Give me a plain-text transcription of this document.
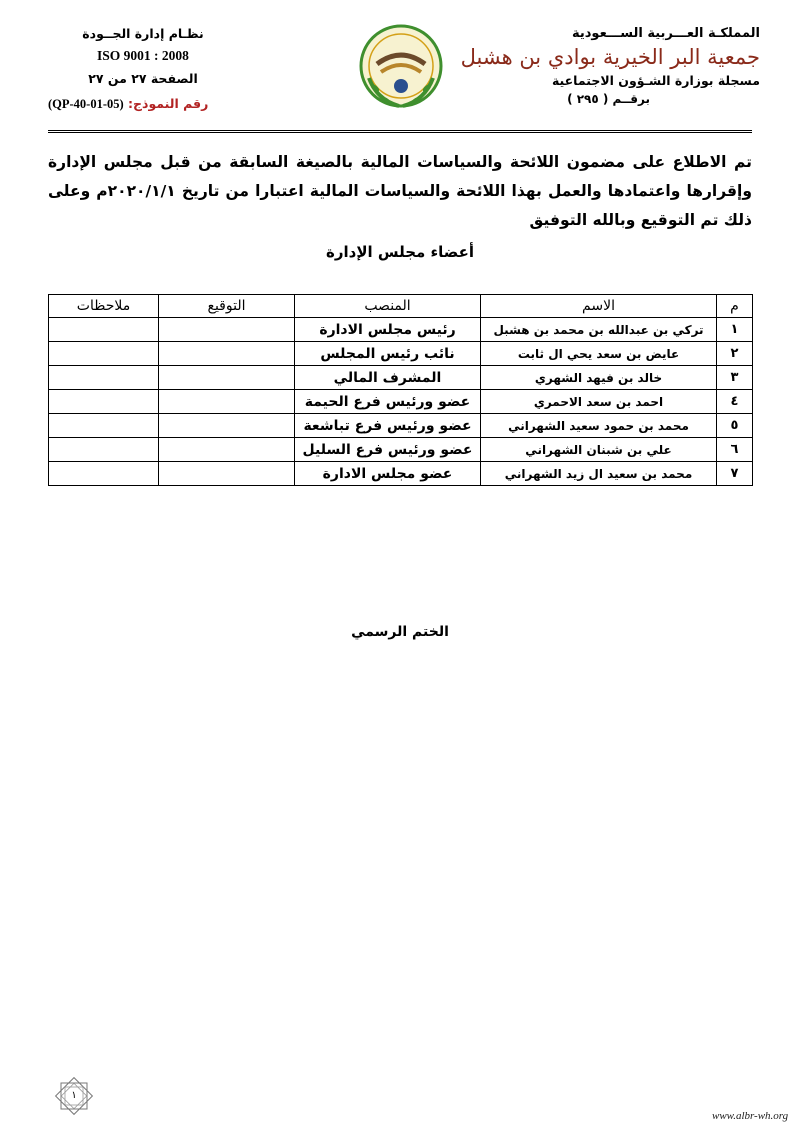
المملكـة العـــربية الســـعودية
جمعية البر الخيرية بوادي بن هشبل
مسجلة بوزارة الشـؤون الاجتماعية
برقــم ( ٢٩٥ )
نظـام إدارة الجــودة
ISO 9001 : 2008
الصفحة ٢٧ من ٢٧
رقم النموذج: (QP-40-01-05)
تم الاطلاع على مضمون اللائحة والسياسات المالية بالصيغة السابقة من قبل مجلس الإدارة وإقرارها واعتمادها والعمل بهذا اللائحة والسياسات المالية اعتبارا من تاريخ ٢٠٢٠/١/١م وعلى ذلك تم التوقيع وبالله التوفيق
أعضاء مجلس الإدارة
م	الاسم	المنصب	التوقيع	ملاحظات
١	تركي بن عبدالله بن محمد بن هشبل	رئيس مجلس الادارة		
٢	عايض بن سعد يحي ال ثابت	نائب رئيس المجلس		
٣	خالد بن فيهد الشهري	المشرف المالي		
٤	احمد بن سعد الاحمري	عضو ورئيس فرع الحيمة		
٥	محمد بن حمود سعيد الشهراني	عضو ورئيس فرع تباشعة		
٦	علي بن شبنان الشهراني	عضو ورئيس فرع السليل		
٧	محمد بن سعيد ال زيد الشهراني	عضو مجلس الادارة		
الختم الرسمي
١
www.albr-wh.org
